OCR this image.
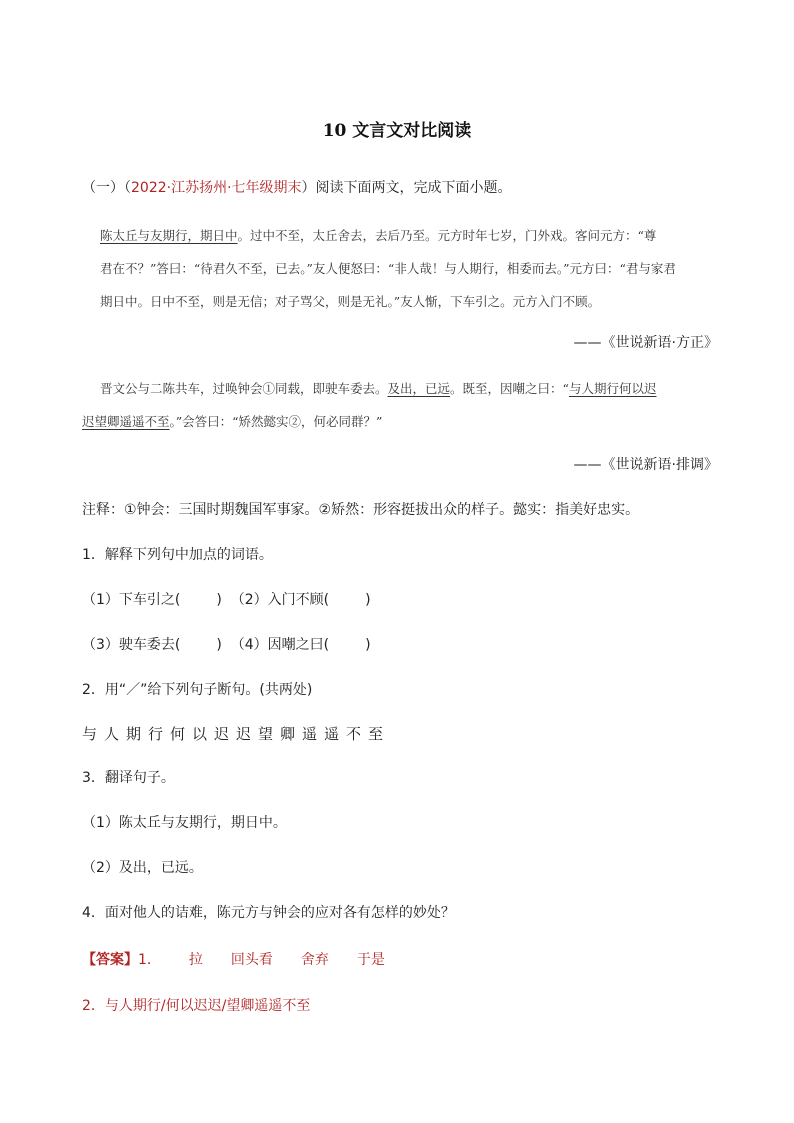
10 文言文对比阅读
（一）（2022·江苏扬州·七年级期末）阅读下面两文，完成下面小题。
陈太丘与友期行，期日中。过中不至，太丘舍去，去后乃至。元方时年七岁，门外戏。客问元方：“尊
君在不？”答曰：“待君久不至，已去。”友人便怒曰：“非人哉！与人期行，相委而去。”元方曰：“君与家君
期日中。日中不至，则是无信；对子骂父，则是无礼。”友人惭，下车引之。元方入门不顾。
——《世说新语·方正》
晋文公与二陈共车，过唤钟会①同载，即驶车委去。及出，已远。既至，因嘲之曰：“与人期行何以迟
迟望卿遥遥不至。”会答曰：“矫然懿实②，何必同群？”
——《世说新语·排调》
注释：①钟会：三国时期魏国军事家。②矫然：形容挺拔出众的样子。懿实：指美好忠实。
1．解释下列句中加点的词语。
（1）下车引之(	) （2）入门不顾(	)
（3）驶车委去(	) （4）因嘲之曰(	)
2．用“／”给下列句子断句。(共两处)
与人期行何以迟迟望卿遥遥不至
3．翻译句子。
（1）陈太丘与友期行，期日中。
（2）及出，已远。
4．面对他人的诘难，陈元方与钟会的应对各有怎样的妙处？
【答案】1． 拉 回头看 舍弃 于是
2．与人期行/何以迟迟/望卿遥遥不至
